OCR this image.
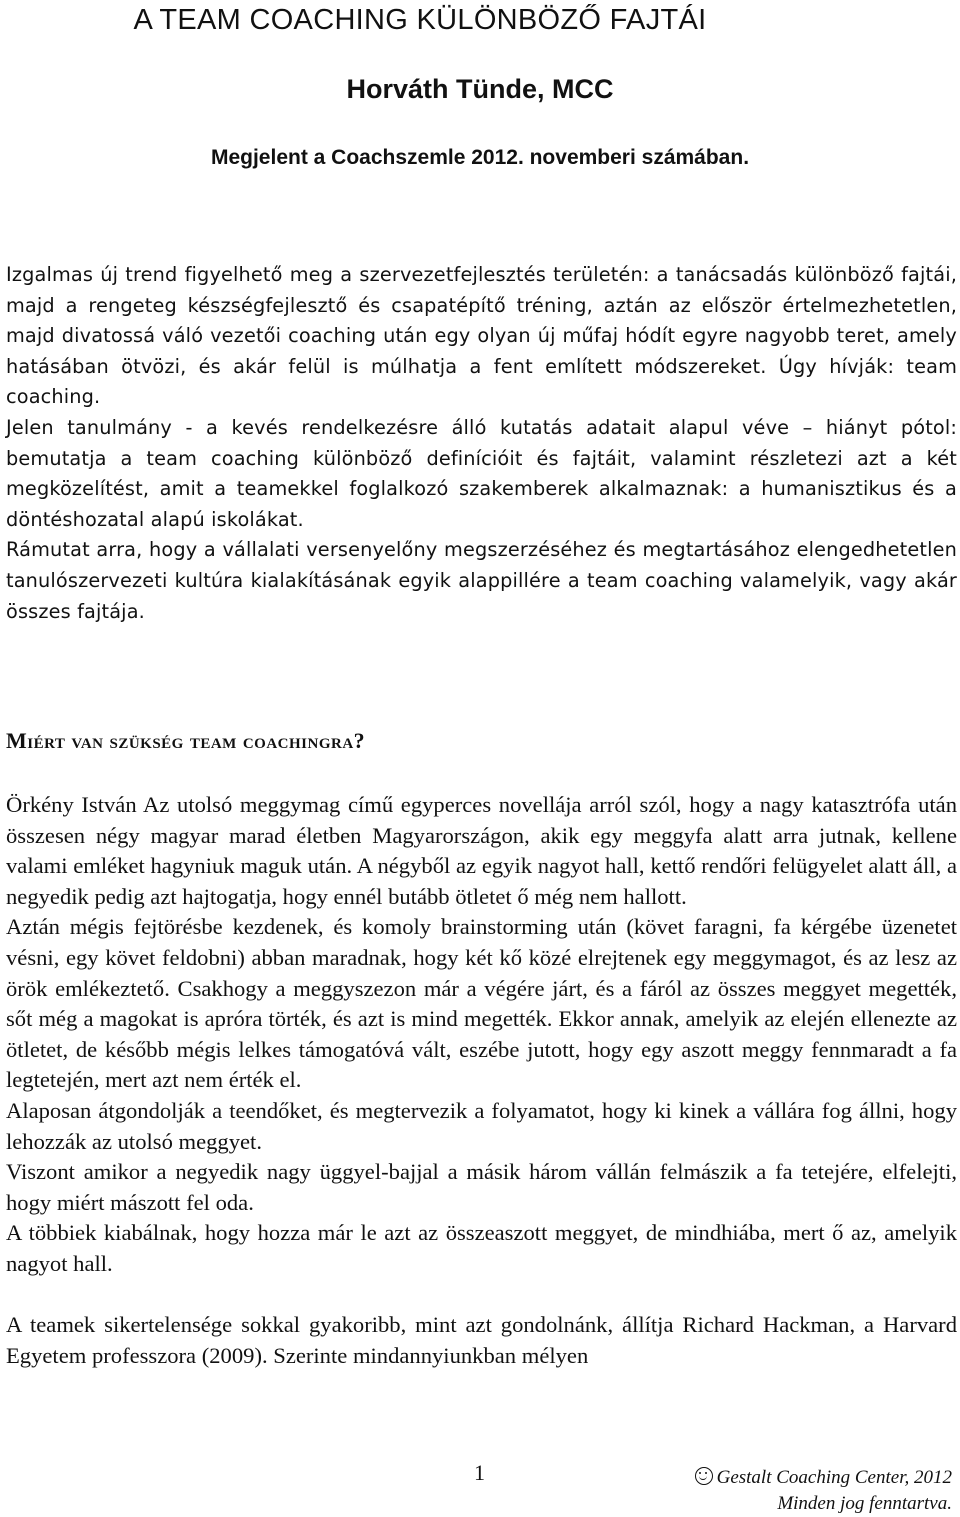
A TEAM COACHING KÜLÖNBÖZŐ FAJTÁI
Horváth Tünde, MCC
Megjelent a Coachszemle 2012. novemberi számában.

Izgalmas új trend figyelhető meg a szervezetfejlesztés területén: a tanácsadás különböző fajtái, majd a rengeteg készségfejlesztő és csapatépítő tréning, aztán az először értelmezhetetlen, majd divatossá váló vezetői coaching után egy olyan új műfaj hódít egyre nagyobb teret, amely hatásában ötvözi, és akár felül is múlhatja a fent említett módszereket. Úgy hívják: team coaching.

Jelen tanulmány - a kevés rendelkezésre álló kutatás adatait alapul véve – hiányt pótol: bemutatja a team coaching különböző definícióit és fajtáit, valamint részletezi azt a két megközelítést, amit a teamekkel foglalkozó szakemberek alkalmaznak: a humanisztikus és a döntéshozatal alapú iskolákat.

Rámutat arra, hogy a vállalati versenyelőny megszerzéséhez és megtartásához elengedhetetlen tanulószervezeti kultúra kialakításának egyik alappillére a team coaching valamelyik, vagy akár összes fajtája.

Miért van szükség team coachingra?

Örkény István Az utolsó meggymag című egyperces novellája arról szól, hogy a nagy katasztrófa után összesen négy magyar marad életben Magyarországon, akik egy meggyfa alatt arra jutnak, kellene valami emléket hagyniuk maguk után. A négyből az egyik nagyot hall, kettő rendőri felügyelet alatt áll, a negyedik pedig azt hajtogatja, hogy ennél butább ötletet ő még nem hallott.

Aztán mégis fejtörésbe kezdenek, és komoly brainstorming után (követ faragni, fa kérgébe üzenetet vésni, egy követ feldobni) abban maradnak, hogy két kő közé elrejtenek egy meggymagot, és az lesz az örök emlékeztető. Csakhogy a meggyszezon már a végére járt, és a fáról az összes meggyet megették, sőt még a magokat is apróra törték, és azt is mind megették. Ekkor annak, amelyik az elején ellenezte az ötletet, de később mégis lelkes támogatóvá vált, eszébe jutott, hogy egy aszott meggy fennmaradt a fa legtetején, mert azt nem érték el.

Alaposan átgondolják a teendőket, és megtervezik a folyamatot, hogy ki kinek a vállára fog állni, hogy lehozzák az utolsó meggyet.

Viszont amikor a negyedik nagy üggyel-bajjal a másik három vállán felmászik a fa tetejére, elfelejti, hogy miért mászott fel oda.

A többiek kiabálnak, hogy hozza már le azt az összeaszott meggyet, de mindhiába, mert ő az, amelyik nagyot hall.

A teamek sikertelensége sokkal gyakoribb, mint azt gondolnánk, állítja Richard Hackman, a Harvard Egyetem professzora (2009). Szerinte mindannyiunkban mélyen

1	Gestalt Coaching Center, 2012
Minden jog fenntartva.
